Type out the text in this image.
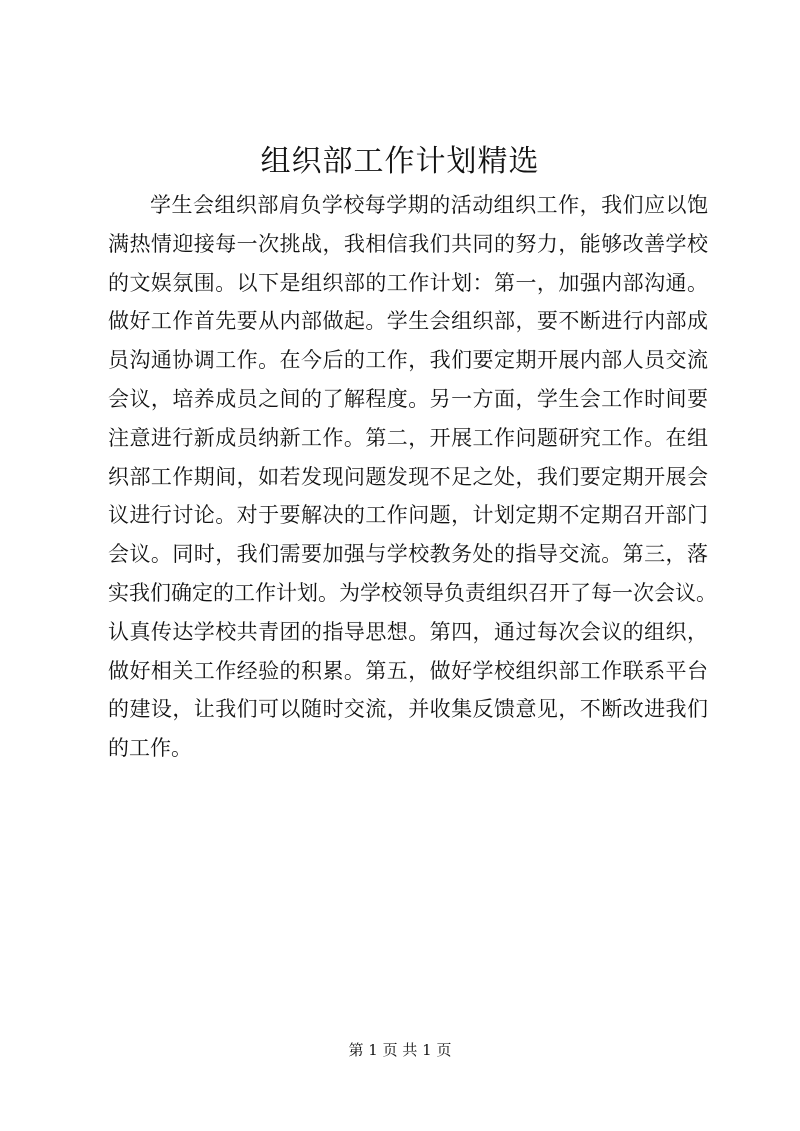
组织部工作计划精选
学生会组织部肩负学校每学期的活动组织工作，我们应以饱
满热情迎接每一次挑战，我相信我们共同的努力，能够改善学校
的文娱氛围。以下是组织部的工作计划：第一，加强内部沟通。
做好工作首先要从内部做起。学生会组织部，要不断进行内部成
员沟通协调工作。在今后的工作，我们要定期开展内部人员交流
会议，培养成员之间的了解程度。另一方面，学生会工作时间要
注意进行新成员纳新工作。第二，开展工作问题研究工作。在组
织部工作期间，如若发现问题发现不足之处，我们要定期开展会
议进行讨论。对于要解决的工作问题，计划定期不定期召开部门
会议。同时，我们需要加强与学校教务处的指导交流。第三，落
实我们确定的工作计划。为学校领导负责组织召开了每一次会议。
认真传达学校共青团的指导思想。第四，通过每次会议的组织，
做好相关工作经验的积累。第五，做好学校组织部工作联系平台
的建设，让我们可以随时交流，并收集反馈意见，不断改进我们
的工作。
第 1 页 共 1 页
